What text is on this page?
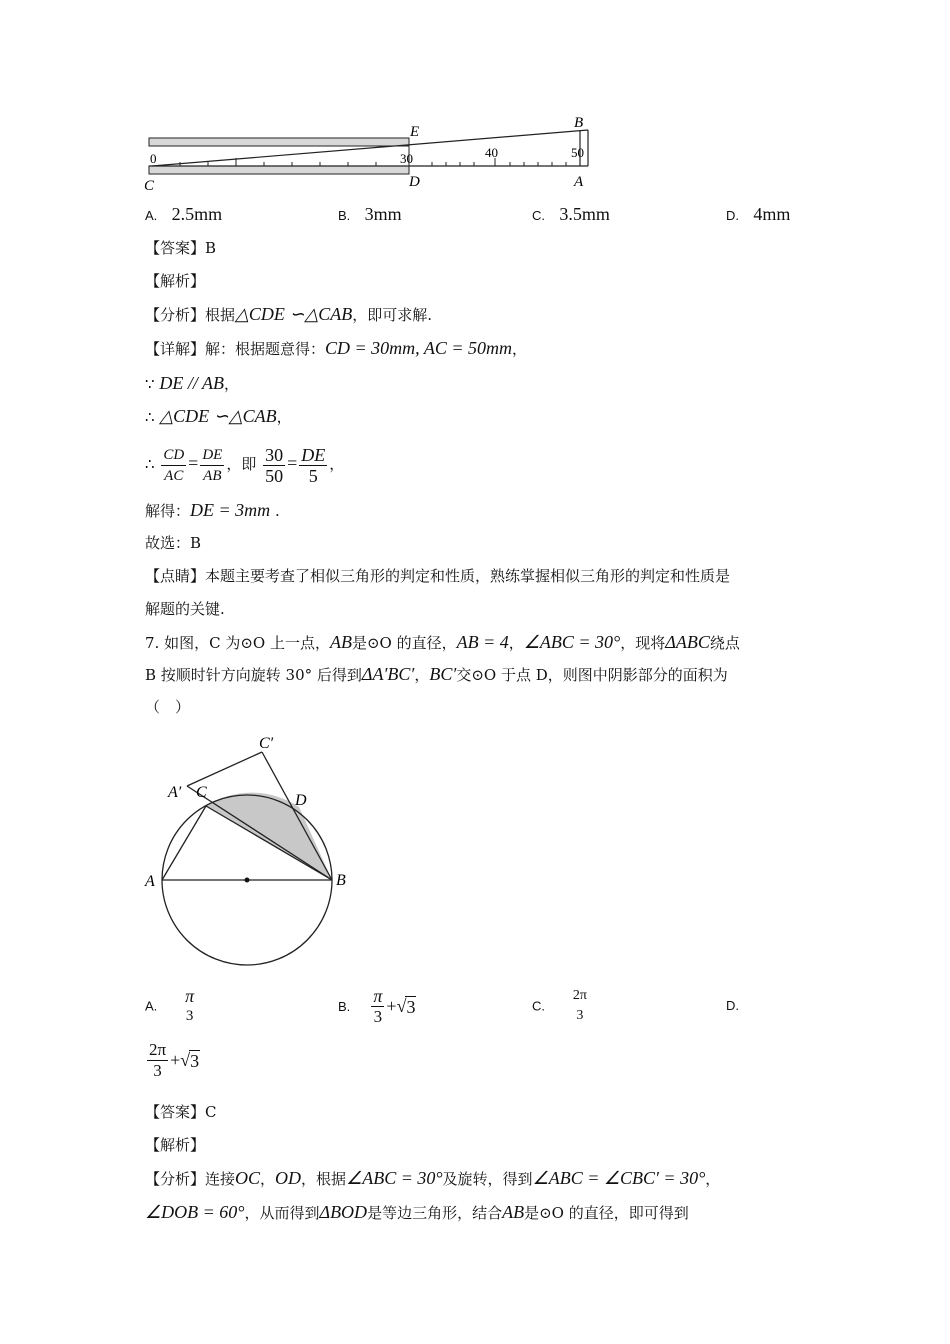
0	30	40	50
E
B
C	D	A
A. 2.5mm	B. 3mm	C. 3.5mm	D. 4mm
【答案】B
【解析】
【分析】根据△CDE ∽△CAB，即可求解.
【详解】解：根据题意得：CD = 30mm, AC = 50mm，
∵ DE // AB，
∴ △CDE ∽△CAB，
∴ $\frac{CD}{AC} = \frac{DE}{AB}$ ，即 $\frac{30}{50} = \frac{DE}{5}$ ，
解得：DE = 3mm .
故选：B
【点睛】本题主要考查了相似三角形的判定和性质，熟练掌握相似三角形的判定和性质是
解题的关键.
7. 如图，C 为⊙O 上一点，AB是⊙O 的直径，AB = 4，∠ABC = 30°，现将ΔABC绕点
B 按顺时针方向旋转 30° 后得到ΔA′BC′，BC′交⊙O 于点 D，则图中阴影部分的面积为
（　）
C′
A′ C	D
A	B
A. π
3
B. $\frac{\pi}{3} +√3$	C.
2π
3
D.
$\frac{2\pi}{3} +√3$
【答案】C
【解析】
【分析】连接OC，OD，根据∠ABC = 30°及旋转，得到∠ABC = ∠CBC′ = 30°，
∠DOB = 60°，从而得到ΔBOD是等边三角形，结合AB是⊙O 的直径，即可得到
